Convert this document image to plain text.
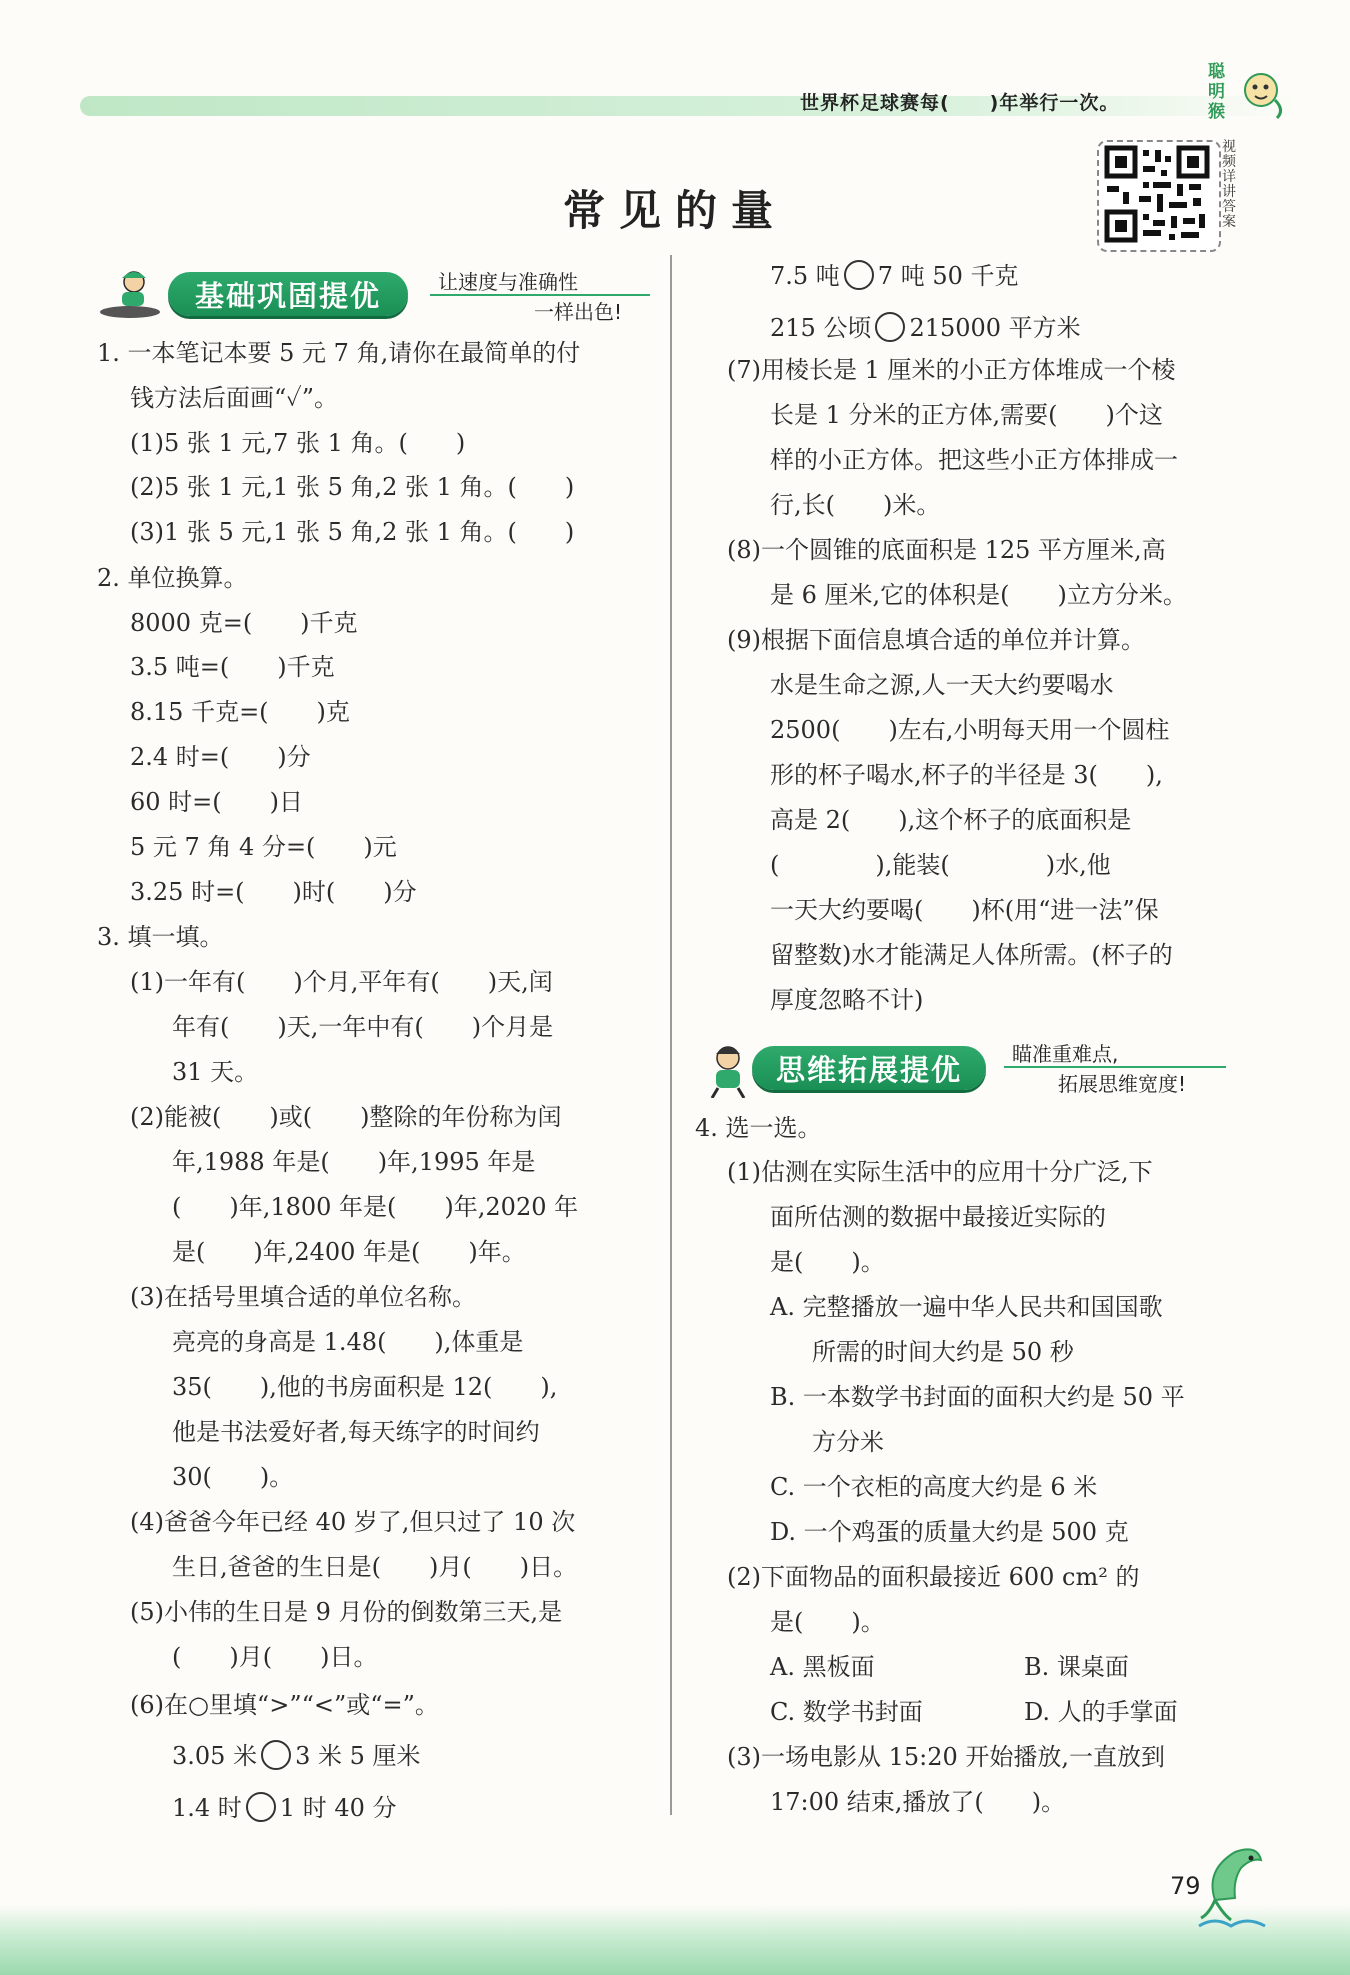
世界杯足球赛每(　　)年举行一次。
聪明猴
视频详讲答案
常见的量
基础巩固提优	让速度与准确性
一样出色!
1. 一本笔记本要 5 元 7 角,请你在最简单的付
钱方法后面画“✓”。
(1)5 张 1 元,7 张 1 角。(　　)
(2)5 张 1 元,1 张 5 角,2 张 1 角。(　　)
(3)1 张 5 元,1 张 5 角,2 张 1 角。(　　)
2. 单位换算。
8000 克=(　　)千克
3.5 吨=(　　)千克
8.15 千克=(　　)克
2.4 时=(　　)分
60 时=(　　)日
5 元 7 角 4 分=(　　)元
3.25 时=(　　)时(　　)分
3. 填一填。
(1)一年有(　　)个月,平年有(　　)天,闰
年有(　　)天,一年中有(　　)个月是
31 天。
(2)能被(　　)或(　　)整除的年份称为闰
年,1988 年是(　　)年,1995 年是
(　　)年,1800 年是(　　)年,2020 年
是(　　)年,2400 年是(　　)年。
(3)在括号里填合适的单位名称。
亮亮的身高是 1.48(　　),体重是
35(　　),他的书房面积是 12(　　),
他是书法爱好者,每天练字的时间约
30(　　)。
(4)爸爸今年已经 40 岁了,但只过了 10 次
生日,爸爸的生日是(　　)月(　　)日。
(5)小伟的生日是 9 月份的倒数第三天,是
(　　)月(　　)日。
(6)在○里填“>”“<”或“=”。
3.05 米 3 米 5 厘米
1.4 时 1 时 40 分
7.5 吨 7 吨 50 千克
215 公顷 215000 平方米
(7)用棱长是 1 厘米的小正方体堆成一个棱
长是 1 分米的正方体,需要(　　)个这
样的小正方体。把这些小正方体排成一
行,长(　　)米。
(8)一个圆锥的底面积是 125 平方厘米,高
是 6 厘米,它的体积是(　　)立方分米。
(9)根据下面信息填合适的单位并计算。
水是生命之源,人一天大约要喝水
2500(　　)左右,小明每天用一个圆柱
形的杯子喝水,杯子的半径是 3(　　),
高是 2(　　),这个杯子的底面积是
(　　　　),能装(　　　　)水,他
一天大约要喝(　　)杯(用“进一法”保
留整数)水才能满足人体所需。(杯子的
厚度忽略不计)
思维拓展提优	瞄准重难点,
拓展思维宽度!
4. 选一选。
(1)估测在实际生活中的应用十分广泛,下
面所估测的数据中最接近实际的
是(　　)。
A. 完整播放一遍中华人民共和国国歌
所需的时间大约是 50 秒
B. 一本数学书封面的面积大约是 50 平
方分米
C. 一个衣柜的高度大约是 6 米
D. 一个鸡蛋的质量大约是 500 克
(2)下面物品的面积最接近 600 cm² 的
是(　　)。
A. 黑板面	B. 课桌面
C. 数学书封面	D. 人的手掌面
(3)一场电影从 15:20 开始播放,一直放到
17:00 结束,播放了(　　)。
79
